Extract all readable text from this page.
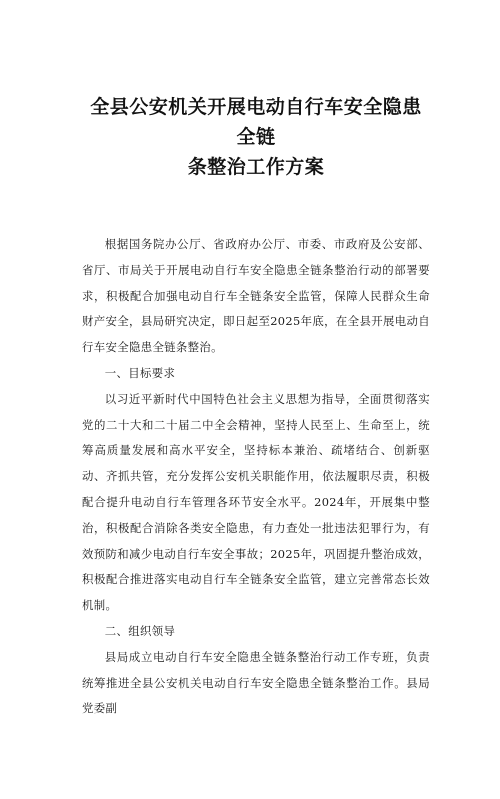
全县公安机关开展电动自行车安全隐患全链
条整治工作方案

根据国务院办公厅、省政府办公厅、市委、市政府及公安部、省厅、市局关于开展电动自行车安全隐患全链条整治行动的部署要求，积极配合加强电动自行车全链条安全监管，保障人民群众生命财产安全，县局研究决定，即日起至2025年底，在全县开展电动自行车安全隐患全链条整治。

一、目标要求

以习近平新时代中国特色社会主义思想为指导，全面贯彻落实党的二十大和二十届二中全会精神，坚持人民至上、生命至上，统筹高质量发展和高水平安全，坚持标本兼治、疏堵结合、创新驱动、齐抓共管，充分发挥公安机关职能作用，依法履职尽责，积极配合提升电动自行车管理各环节安全水平。2024年，开展集中整治，积极配合消除各类安全隐患，有力查处一批违法犯罪行为，有效预防和减少电动自行车安全事故；2025年，巩固提升整治成效，积极配合推进落实电动自行车全链条安全监管，建立完善常态长效机制。

二、组织领导

县局成立电动自行车安全隐患全链条整治行动工作专班，负责统筹推进全县公安机关电动自行车安全隐患全链条整治工作。县局党委副
